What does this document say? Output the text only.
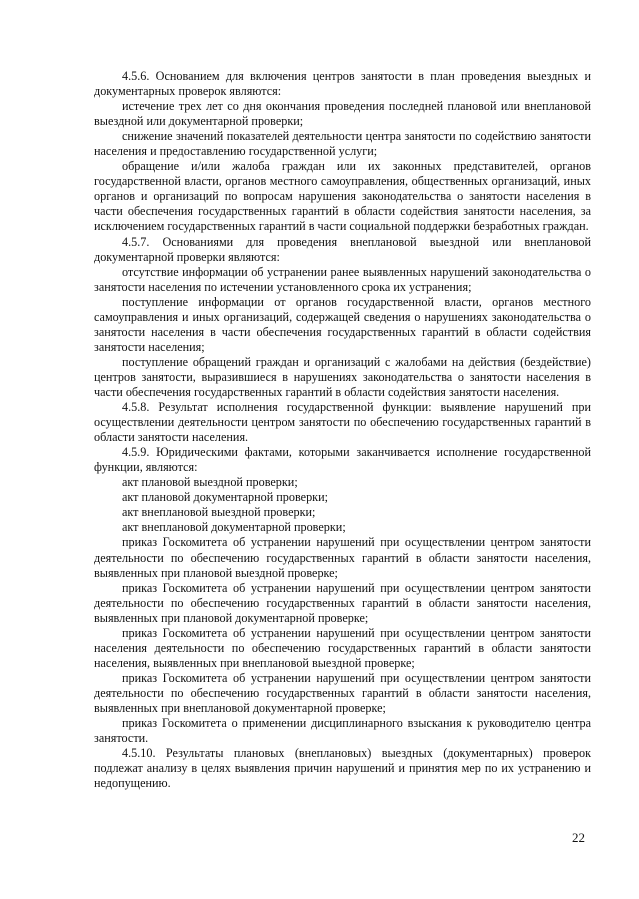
4.5.6. Основанием для включения центров занятости в план проведения выездных и документарных проверок являются:

истечение трех лет со дня окончания проведения последней плановой или внеплановой выездной или документарной проверки;

снижение значений показателей деятельности центра занятости по содействию занятости населения и предоставлению государственной услуги;

обращение и/или жалоба граждан или их законных представителей, органов государственной власти, органов местного самоуправления, общественных организаций, иных органов и организаций по вопросам нарушения законодательства о занятости населения в части обеспечения государственных гарантий в области содействия занятости населения, за исключением государственных гарантий в части социальной поддержки безработных граждан.

4.5.7. Основаниями для проведения внеплановой выездной или внеплановой документарной проверки являются:

отсутствие информации об устранении ранее выявленных нарушений законодательства о занятости населения по истечении установленного срока их устранения;

поступление информации от органов государственной власти, органов местного самоуправления и иных организаций, содержащей сведения о нарушениях законодательства о занятости населения в части обеспечения государственных гарантий в области содействия занятости населения;

поступление обращений граждан и организаций с жалобами на действия (бездействие) центров занятости, выразившиеся в нарушениях законодательства о занятости населения в части обеспечения государственных гарантий в области содействия занятости населения.

4.5.8. Результат исполнения государственной функции: выявление нарушений при осуществлении деятельности центром занятости по обеспечению государственных гарантий в области занятости населения.

4.5.9. Юридическими фактами, которыми заканчивается исполнение государственной функции, являются:

акт плановой выездной проверки;

акт плановой документарной проверки;

акт внеплановой выездной проверки;

акт внеплановой документарной проверки;

приказ Госкомитета об устранении нарушений при осуществлении центром занятости деятельности по обеспечению государственных гарантий в области занятости населения, выявленных при плановой выездной проверке;

приказ Госкомитета об устранении нарушений при осуществлении центром занятости деятельности по обеспечению государственных гарантий в области занятости населения, выявленных при плановой документарной проверке;

приказ Госкомитета об устранении нарушений при осуществлении центром занятости населения деятельности по обеспечению государственных гарантий в области занятости населения, выявленных при внеплановой выездной проверке;

приказ Госкомитета об устранении нарушений при осуществлении центром занятости деятельности по обеспечению государственных гарантий в области занятости населения, выявленных при внеплановой документарной проверке;

приказ Госкомитета о применении дисциплинарного взыскания к руководителю центра занятости.

4.5.10. Результаты плановых (внеплановых) выездных (документарных) проверок подлежат анализу в целях выявления причин нарушений и принятия мер по их устранению и недопущению.

22
